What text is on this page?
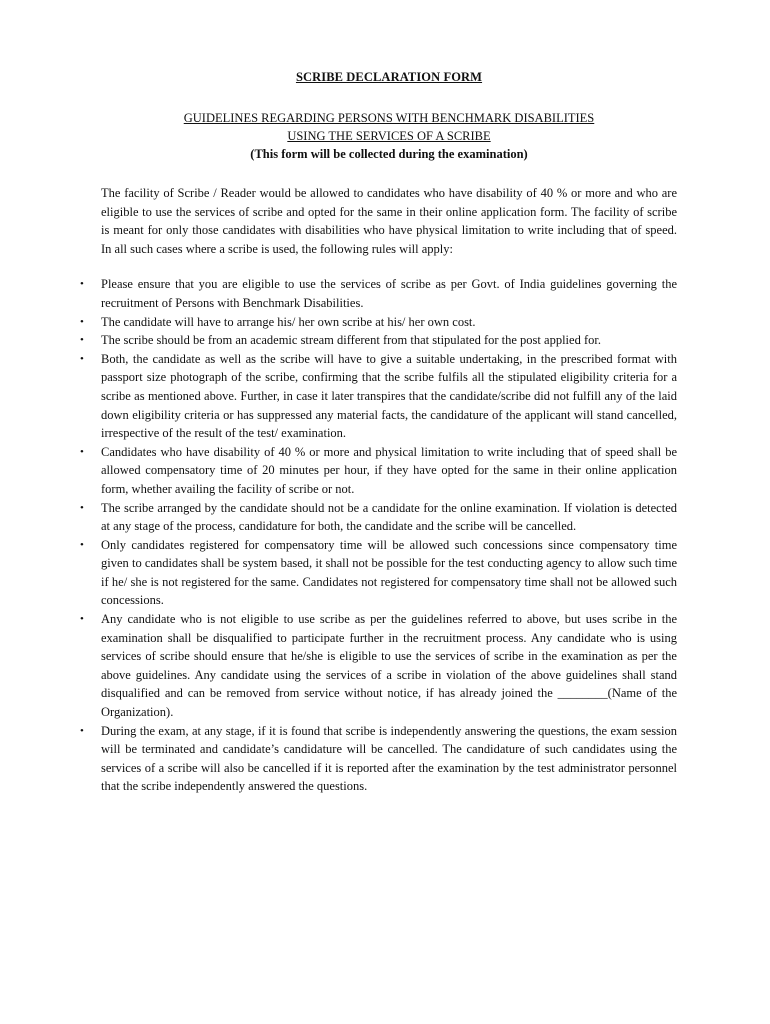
SCRIBE DECLARATION FORM

GUIDELINES REGARDING PERSONS WITH BENCHMARK DISABILITIES
USING THE SERVICES OF A SCRIBE
(This form will be collected during the examination)

The facility of Scribe / Reader would be allowed to candidates who have disability of 40 % or more and who are eligible to use the services of scribe and opted for the same in their online application form. The facility of scribe is meant for only those candidates with disabilities who have physical limitation to write including that of speed. In all such cases where a scribe is used, the following rules will apply:

• Please ensure that you are eligible to use the services of scribe as per Govt. of India guidelines governing the recruitment of Persons with Benchmark Disabilities.
• The candidate will have to arrange his/ her own scribe at his/ her own cost.
• The scribe should be from an academic stream different from that stipulated for the post applied for.
• Both, the candidate as well as the scribe will have to give a suitable undertaking, in the prescribed format with passport size photograph of the scribe, confirming that the scribe fulfils all the stipulated eligibility criteria for a scribe as mentioned above. Further, in case it later transpires that the candidate/scribe did not fulfill any of the laid down eligibility criteria or has suppressed any material facts, the candidature of the applicant will stand cancelled, irrespective of the result of the test/ examination.
• Candidates who have disability of 40 % or more and physical limitation to write including that of speed shall be allowed compensatory time of 20 minutes per hour, if they have opted for the same in their online application form, whether availing the facility of scribe or not.
• The scribe arranged by the candidate should not be a candidate for the online examination. If violation is detected at any stage of the process, candidature for both, the candidate and the scribe will be cancelled.
• Only candidates registered for compensatory time will be allowed such concessions since compensatory time given to candidates shall be system based, it shall not be possible for the test conducting agency to allow such time if he/ she is not registered for the same. Candidates not registered for compensatory time shall not be allowed such concessions.
• Any candidate who is not eligible to use scribe as per the guidelines referred to above, but uses scribe in the examination shall be disqualified to participate further in the recruitment process. Any candidate who is using services of scribe should ensure that he/she is eligible to use the services of scribe in the examination as per the above guidelines. Any candidate using the services of a scribe in violation of the above guidelines shall stand disqualified and can be removed from service without notice, if has already joined the ________(Name of the Organization).
• During the exam, at any stage, if it is found that scribe is independently answering the questions, the exam session will be terminated and candidate’s candidature will be cancelled. The candidature of such candidates using the services of a scribe will also be cancelled if it is reported after the examination by the test administrator personnel that the scribe independently answered the questions.
